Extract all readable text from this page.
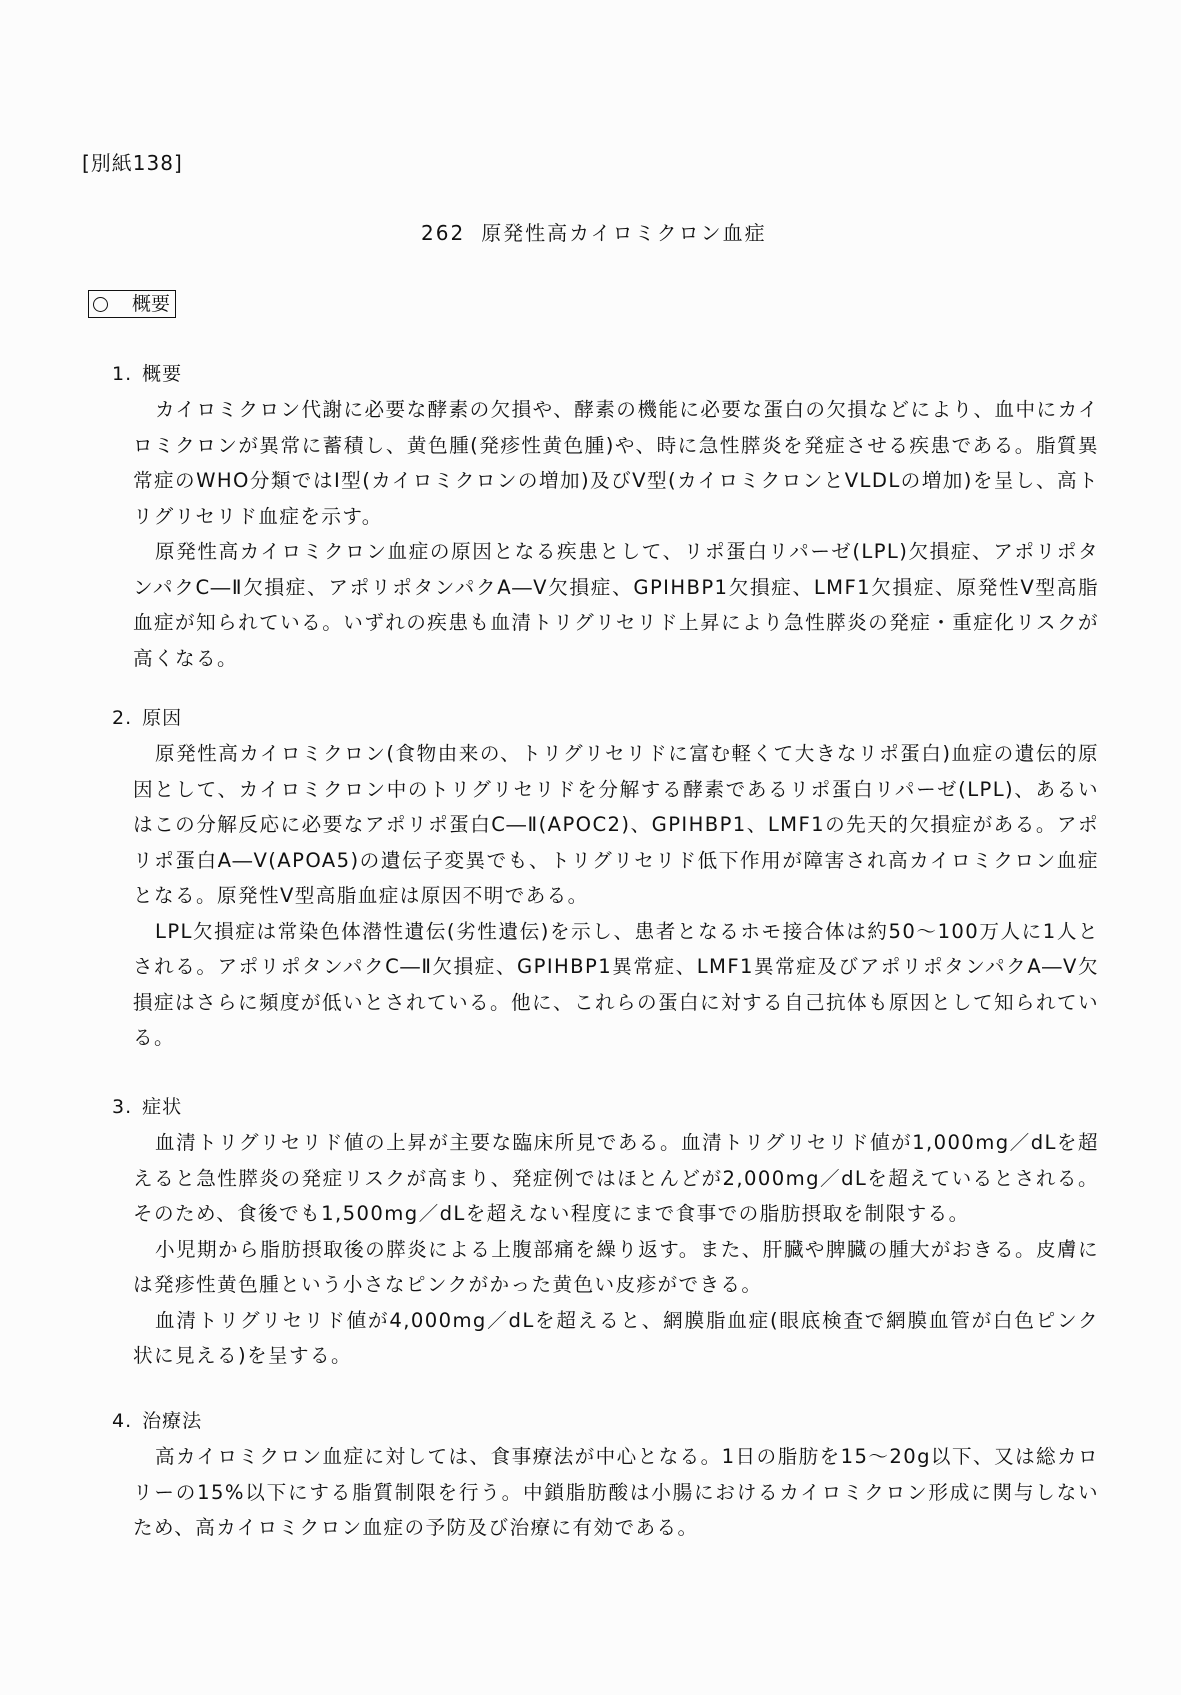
[別紙138]
262 原発性高カイロミクロン血症
概要
1. 概要

カイロミクロン代謝に必要な酵素の欠損や、酵素の機能に必要な蛋白の欠損などにより、血中にカイロミクロンが異常に蓄積し、黄色腫(発疹性黄色腫)や、時に急性膵炎を発症させる疾患である。脂質異常症のWHO分類ではⅠ型(カイロミクロンの増加)及びⅤ型(カイロミクロンとVLDLの増加)を呈し、高トリグリセリド血症を示す。

原発性高カイロミクロン血症の原因となる疾患として、リポ蛋白リパーゼ(LPL)欠損症、アポリポタンパクC―Ⅱ欠損症、アポリポタンパクA―V欠損症、GPIHBP1欠損症、LMF1欠損症、原発性V型高脂血症が知られている。いずれの疾患も血清トリグリセリド上昇により急性膵炎の発症・重症化リスクが高くなる。

2. 原因

原発性高カイロミクロン(食物由来の、トリグリセリドに富む軽くて大きなリポ蛋白)血症の遺伝的原因として、カイロミクロン中のトリグリセリドを分解する酵素であるリポ蛋白リパーゼ(LPL)、あるいはこの分解反応に必要なアポリポ蛋白C―Ⅱ(APOC2)、GPIHBP1、LMF1の先天的欠損症がある。アポリポ蛋白A―V(APOA5)の遺伝子変異でも、トリグリセリド低下作用が障害され高カイロミクロン血症となる。原発性Ⅴ型高脂血症は原因不明である。

LPL欠損症は常染色体潜性遺伝(劣性遺伝)を示し、患者となるホモ接合体は約50～100万人に1人とされる。アポリポタンパクC―Ⅱ欠損症、GPIHBP1異常症、LMF1異常症及びアポリポタンパクA―V欠損症はさらに頻度が低いとされている。他に、これらの蛋白に対する自己抗体も原因として知られている。

3. 症状

血清トリグリセリド値の上昇が主要な臨床所見である。血清トリグリセリド値が1,000mg／dLを超えると急性膵炎の発症リスクが高まり、発症例ではほとんどが2,000mg／dLを超えているとされる。そのため、食後でも1,500mg／dLを超えない程度にまで食事での脂肪摂取を制限する。

小児期から脂肪摂取後の膵炎による上腹部痛を繰り返す。また、肝臓や脾臓の腫大がおきる。皮膚には発疹性黄色腫という小さなピンクがかった黄色い皮疹ができる。

血清トリグリセリド値が4,000mg／dLを超えると、網膜脂血症(眼底検査で網膜血管が白色ピンク状に見える)を呈する。

4. 治療法

高カイロミクロン血症に対しては、食事療法が中心となる。1日の脂肪を15～20g以下、又は総カロリーの15%以下にする脂質制限を行う。中鎖脂肪酸は小腸におけるカイロミクロン形成に関与しないため、高カイロミクロン血症の予防及び治療に有効である。
